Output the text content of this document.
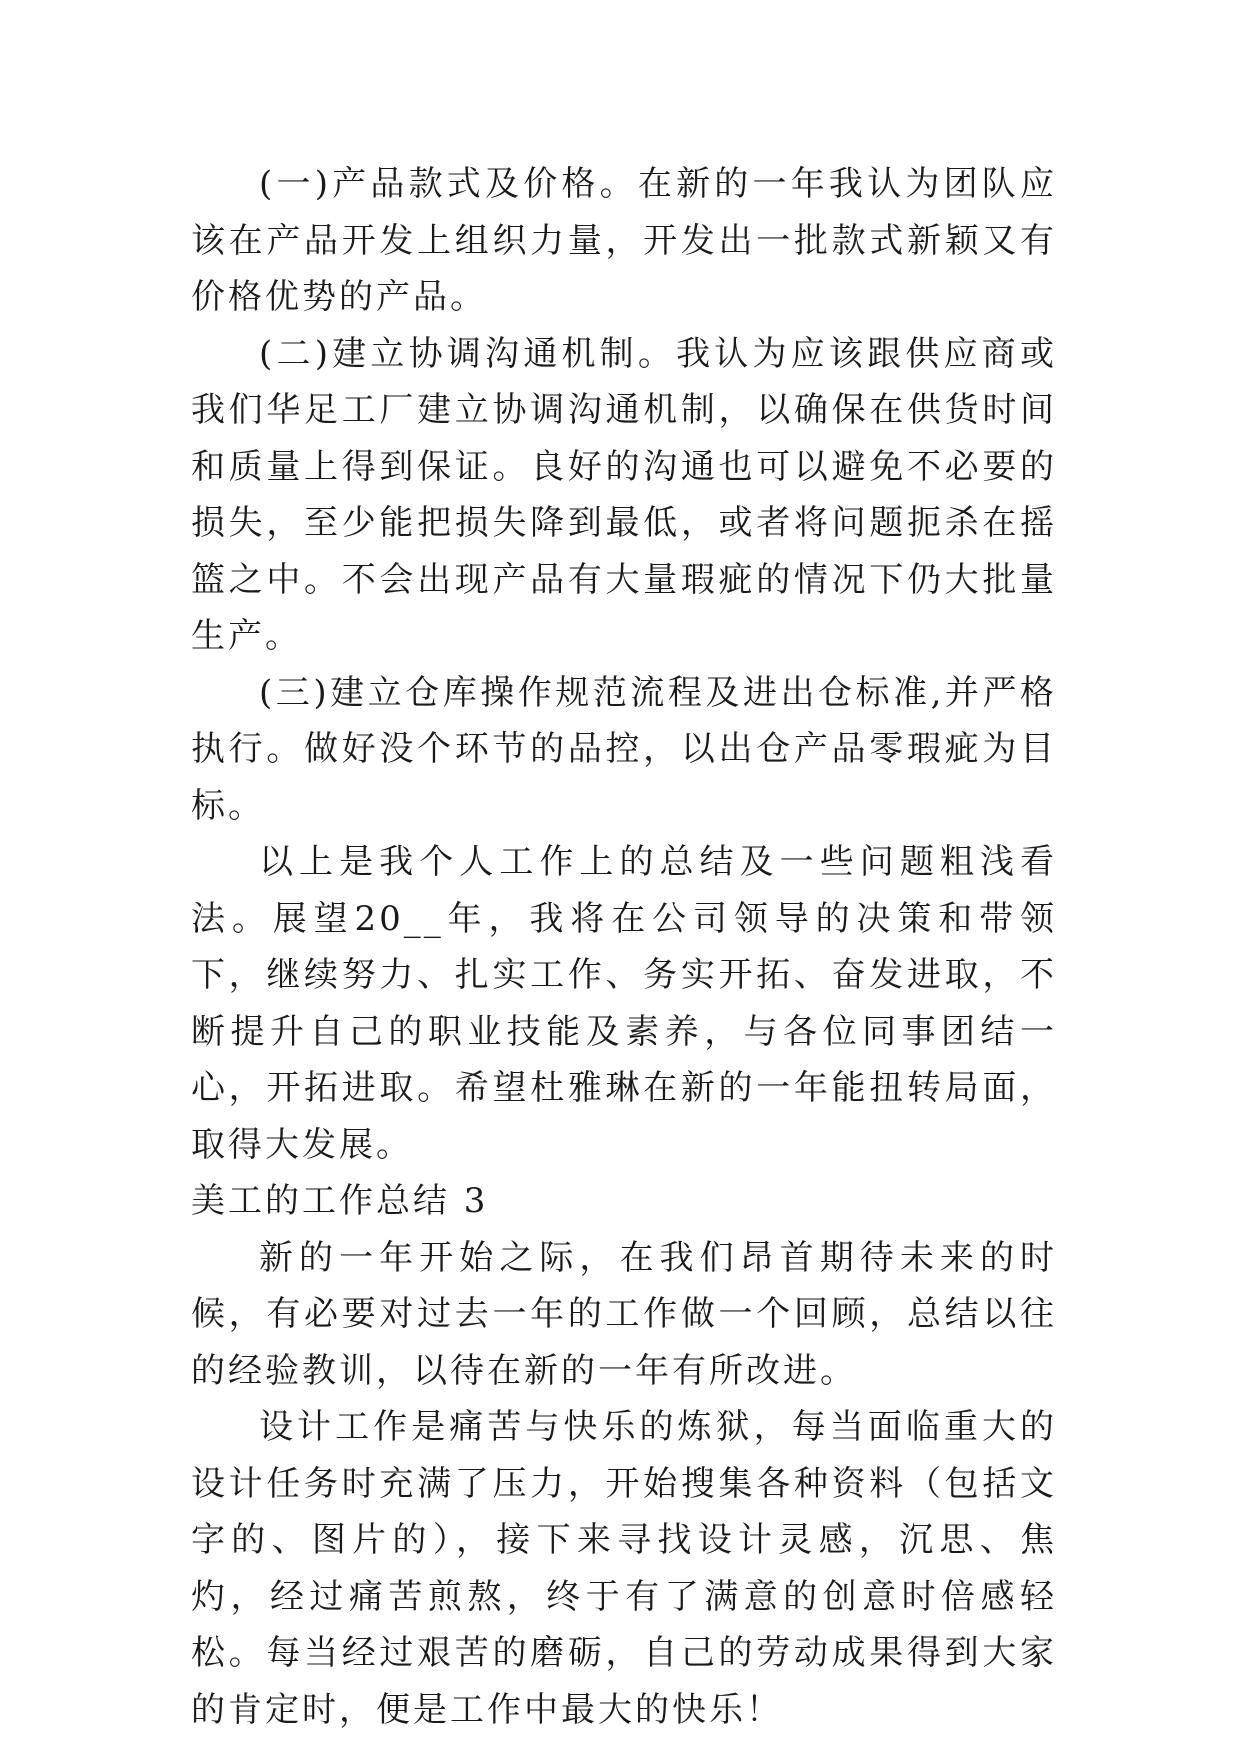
(一)产品款式及价格。在新的一年我认为团队应该在产品开发上组织力量，开发出一批款式新颖又有价格优势的产品。

(二)建立协调沟通机制。我认为应该跟供应商或我们华足工厂建立协调沟通机制，以确保在供货时间和质量上得到保证。良好的沟通也可以避免不必要的损失，至少能把损失降到最低，或者将问题扼杀在摇篮之中。不会出现产品有大量瑕疵的情况下仍大批量生产。

(三)建立仓库操作规范流程及进出仓标准,并严格执行。做好没个环节的品控，以出仓产品零瑕疵为目标。

以上是我个人工作上的总结及一些问题粗浅看法。展望20__年，我将在公司领导的决策和带领下，继续努力、扎实工作、务实开拓、奋发进取，不断提升自己的职业技能及素养，与各位同事团结一心，开拓进取。希望杜雅琳在新的一年能扭转局面，取得大发展。

美工的工作总结 3

新的一年开始之际，在我们昂首期待未来的时候，有必要对过去一年的工作做一个回顾，总结以往的经验教训，以待在新的一年有所改进。

设计工作是痛苦与快乐的炼狱，每当面临重大的设计任务时充满了压力，开始搜集各种资料（包括文字的、图片的），接下来寻找设计灵感，沉思、焦灼，经过痛苦煎熬，终于有了满意的创意时倍感轻松。每当经过艰苦的磨砺，自己的劳动成果得到大家的肯定时，便是工作中最大的快乐！
